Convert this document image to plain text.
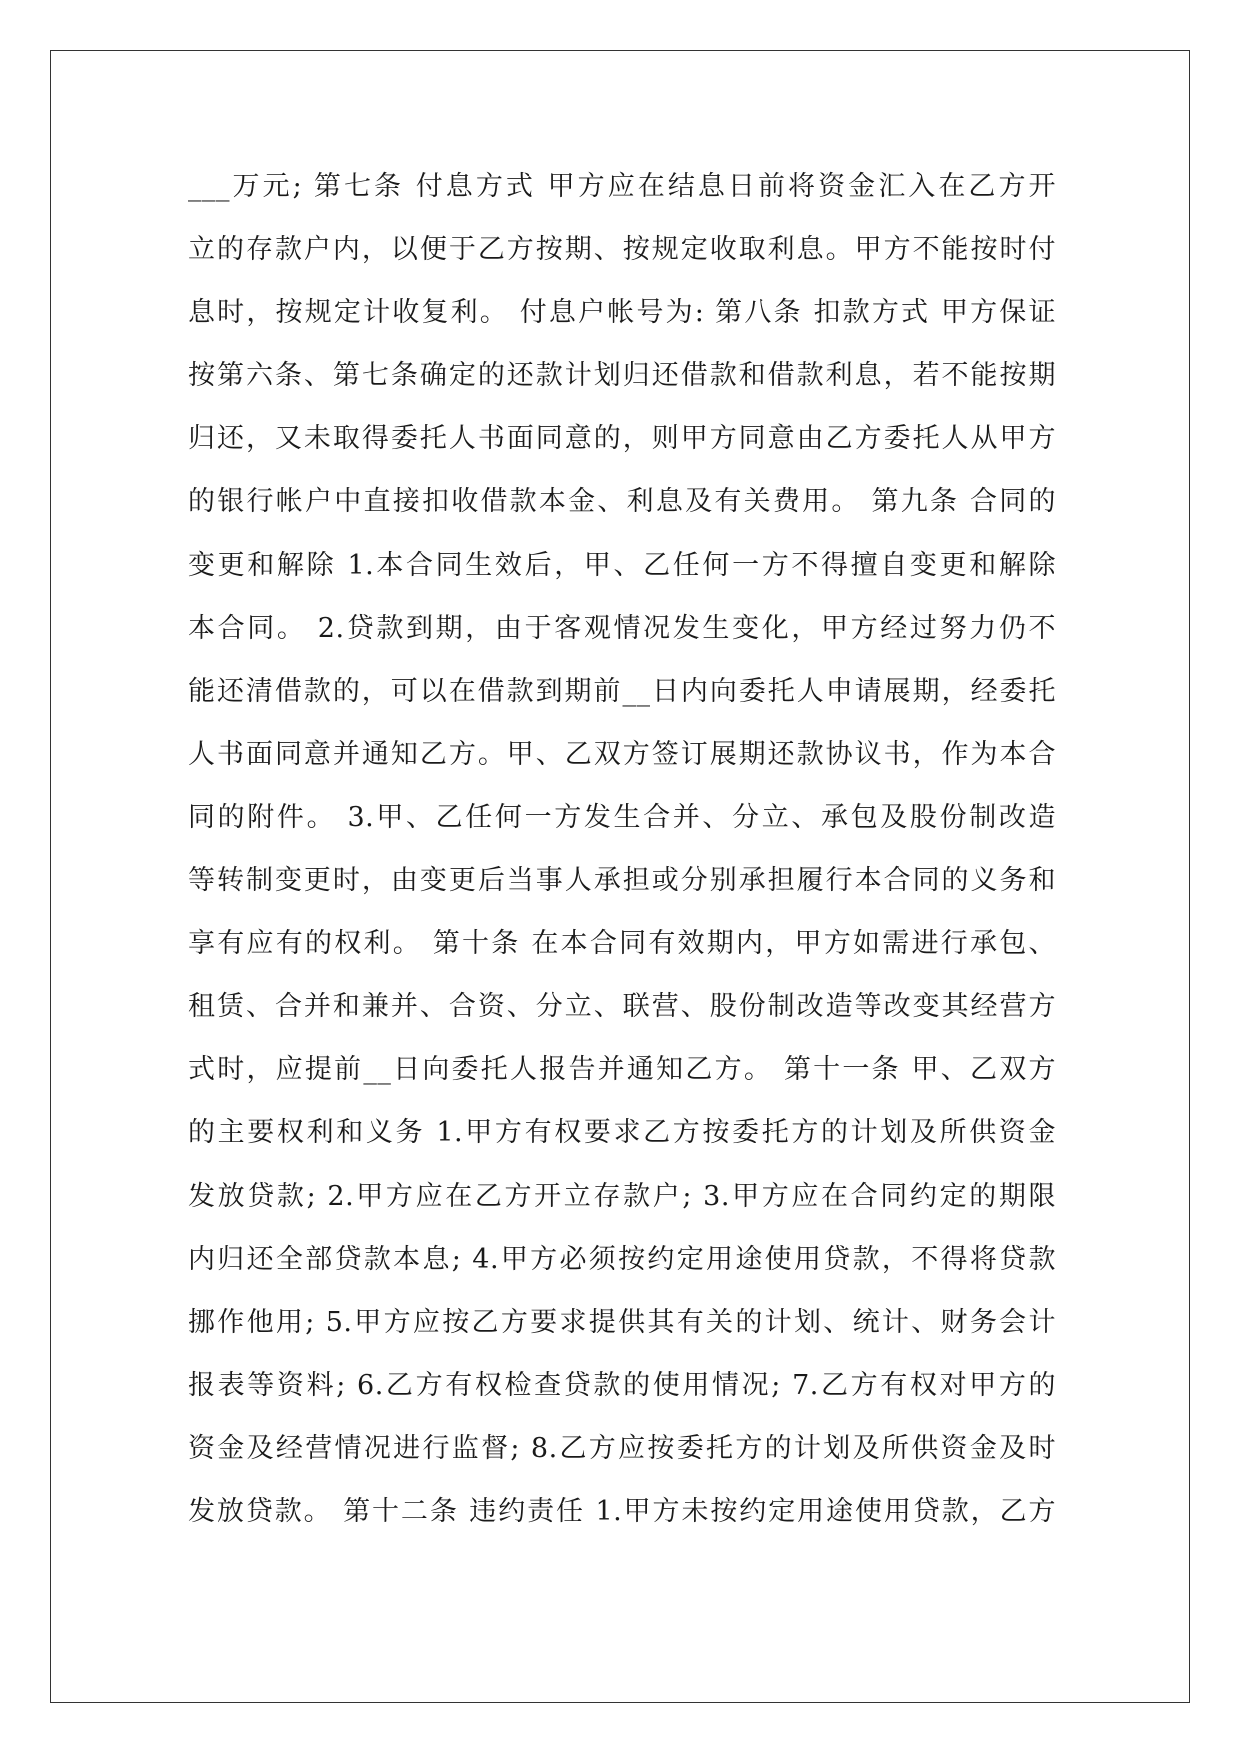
___万元; 第七条 付息方式 甲方应在结息日前将资金汇入在乙方开
立的存款户内，以便于乙方按期、按规定收取利息。甲方不能按时付
息时，按规定计收复利。 付息户帐号为: 第八条 扣款方式 甲方保证
按第六条、第七条确定的还款计划归还借款和借款利息，若不能按期
归还，又未取得委托人书面同意的，则甲方同意由乙方委托人从甲方
的银行帐户中直接扣收借款本金、利息及有关费用。 第九条 合同的
变更和解除 1.本合同生效后，甲、乙任何一方不得擅自变更和解除
本合同。 2.贷款到期，由于客观情况发生变化，甲方经过努力仍不
能还清借款的，可以在借款到期前__日内向委托人申请展期，经委托
人书面同意并通知乙方。甲、乙双方签订展期还款协议书，作为本合
同的附件。 3.甲、乙任何一方发生合并、分立、承包及股份制改造
等转制变更时，由变更后当事人承担或分别承担履行本合同的义务和
享有应有的权利。 第十条 在本合同有效期内，甲方如需进行承包、
租赁、合并和兼并、合资、分立、联营、股份制改造等改变其经营方
式时，应提前__日向委托人报告并通知乙方。 第十一条 甲、乙双方
的主要权利和义务 1.甲方有权要求乙方按委托方的计划及所供资金
发放贷款; 2.甲方应在乙方开立存款户; 3.甲方应在合同约定的期限
内归还全部贷款本息; 4.甲方必须按约定用途使用贷款，不得将贷款
挪作他用; 5.甲方应按乙方要求提供其有关的计划、统计、财务会计
报表等资料; 6.乙方有权检查贷款的使用情况; 7.乙方有权对甲方的
资金及经营情况进行监督; 8.乙方应按委托方的计划及所供资金及时
发放贷款。 第十二条 违约责任 1.甲方未按约定用途使用贷款，乙方
